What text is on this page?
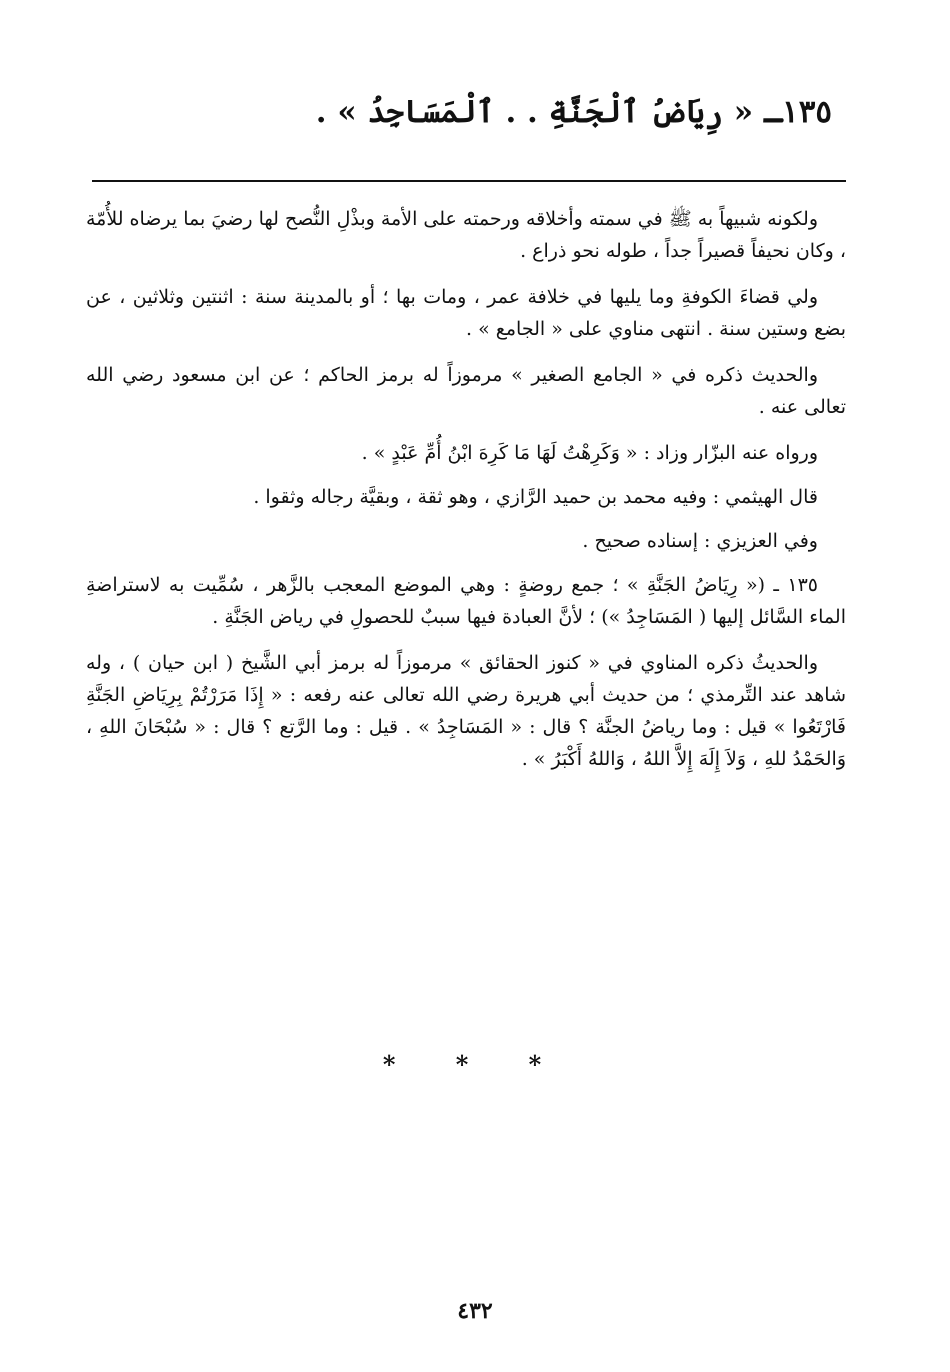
١٣٥ـ « رِيَاضُ ٱلْجَنَّةِ . . ٱلْمَسَاجِدُ » .

ولكونه شبيهاً به ﷺ في سمته وأخلاقه ورحمته على الأمة وبذْلِ النُّصح لها رضيَ بما يرضاه للأُمّة ، وكان نحيفاً قصيراً جداً ، طوله نحو ذراع .

ولي قضاءَ الكوفةِ وما يليها في خلافة عمر ، ومات بها ؛ أو بالمدينة سنة : اثنتين وثلاثين ، عن بضع وستين سنة . انتهى مناوي على « الجامع » .

والحديث ذكره في « الجامع الصغير » مرموزاً له برمز الحاكم ؛ عن ابن مسعود رضي الله تعالى عنه .

ورواه عنه البزّار وزاد : « وَكَرِهْتُ لَهَا مَا كَرِهَ ابْنُ أُمِّ عَبْدٍ » .

قال الهيثمي : وفيه محمد بن حميد الرَّازي ، وهو ثقة ، وبقيَّة رجاله وثقوا .

وفي العزيزي : إسناده صحيح .

١٣٥ ـ (« رِيَاضُ الجَنَّةِ » ؛ جمع روضةٍ : وهي الموضع المعجب بالزَّهر ، سُمِّيت به لاستراضةِ الماء السَّائل إليها ( المَسَاجِدُ ») ؛ لأنَّ العبادة فيها سببٌ للحصولِ في رياض الجَنَّةِ .

والحديثُ ذكره المناوي في « كنوز الحقائق » مرموزاً له برمز أبي الشَّيخ ( ابن حيان ) ، وله شاهد عند التِّرمذي ؛ من حديث أبي هريرة رضي الله تعالى عنه رفعه : « إِذَا مَرَرْتُمْ بِرِيَاضِ الجَنَّةِ فَارْتَعُوا » قيل : وما رياضُ الجنَّة ؟ قال : « المَسَاجِدُ » . قيل : وما الرَّتع ؟ قال : « سُبْحَانَ اللهِ ، وَالحَمْدُ للهِ ، وَلاَ إِلَهَ إِلاَّ اللهُ ، وَاللهُ أَكْبَرُ » .

* * *
٤٣٢
